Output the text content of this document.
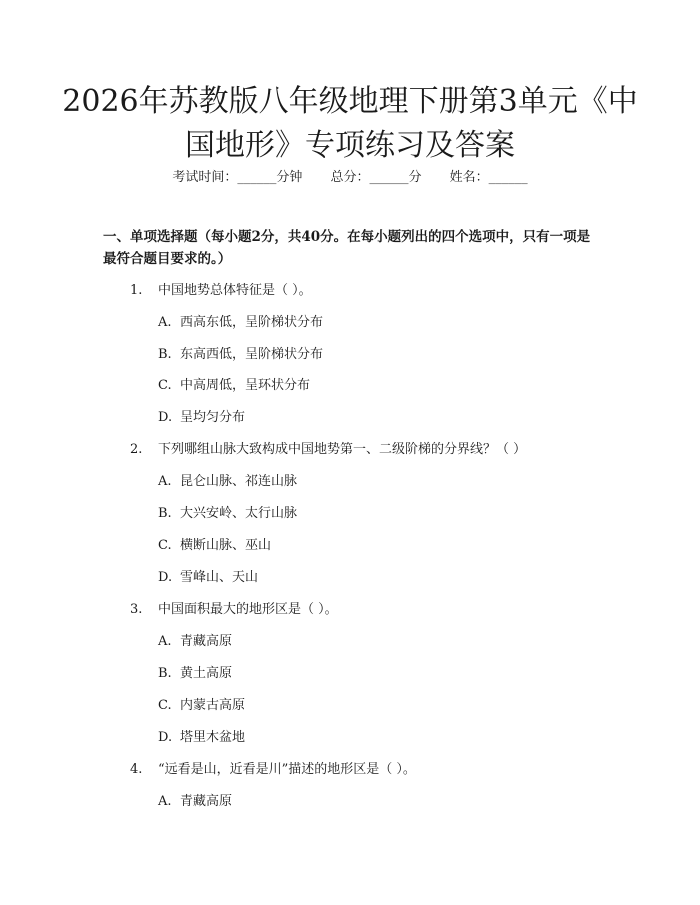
2026年苏教版八年级地理下册第3单元《中国地形》专项练习及答案
考试时间：______分钟 总分：______分 姓名：______
一、单项选择题（每小题2分，共40分。在每小题列出的四个选项中，只有一项是最符合题目要求的。）
1. 中国地势总体特征是（ ）。
A. 西高东低，呈阶梯状分布
B. 东高西低，呈阶梯状分布
C. 中高周低，呈环状分布
D. 呈均匀分布
2. 下列哪组山脉大致构成中国地势第一、二级阶梯的分界线？（ ）
A. 昆仑山脉、祁连山脉
B. 大兴安岭、太行山脉
C. 横断山脉、巫山
D. 雪峰山、天山
3. 中国面积最大的地形区是（ ）。
A. 青藏高原
B. 黄土高原
C. 内蒙古高原
D. 塔里木盆地
4. “远看是山，近看是川”描述的地形区是（ ）。
A. 青藏高原
